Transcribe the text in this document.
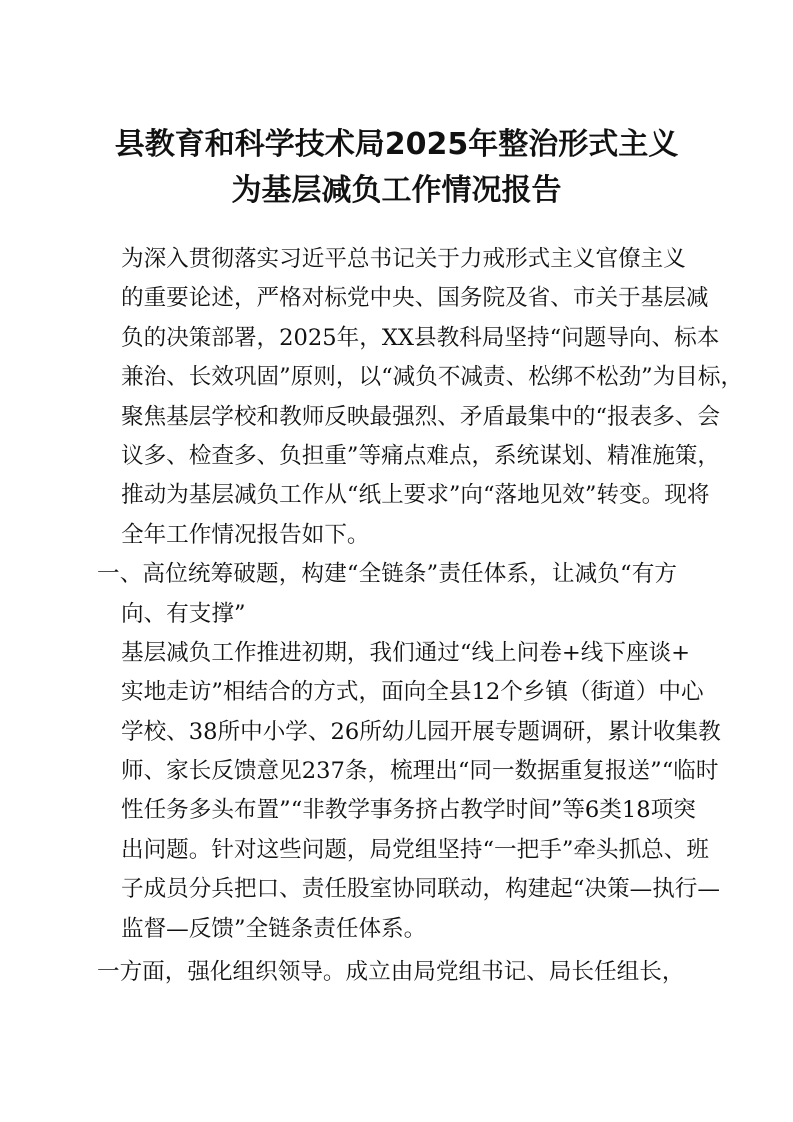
县教育和科学技术局2025年整治形式主义
为基层减负工作情况报告
为深入贯彻落实习近平总书记关于力戒形式主义官僚主义
的重要论述，严格对标党中央、国务院及省、市关于基层减
负的决策部署，2025年，XX县教科局坚持“问题导向、标本
兼治、长效巩固”原则，以“减负不减责、松绑不松劲”为目标，
聚焦基层学校和教师反映最强烈、矛盾最集中的“报表多、会
议多、检查多、负担重”等痛点难点，系统谋划、精准施策，
推动为基层减负工作从“纸上要求”向“落地见效”转变。现将
全年工作情况报告如下。
一、高位统筹破题，构建“全链条”责任体系，让减负“有方
向、有支撑”
基层减负工作推进初期，我们通过“线上问卷+线下座谈+
实地走访”相结合的方式，面向全县12个乡镇（街道）中心
学校、38所中小学、26所幼儿园开展专题调研，累计收集教
师、家长反馈意见237条，梳理出“同一数据重复报送”“临时
性任务多头布置”“非教学事务挤占教学时间”等6类18项突
出问题。针对这些问题，局党组坚持“一把手”牵头抓总、班
子成员分兵把口、责任股室协同联动，构建起“决策—执行—
监督—反馈”全链条责任体系。
一方面，强化组织领导。成立由局党组书记、局长任组长，
